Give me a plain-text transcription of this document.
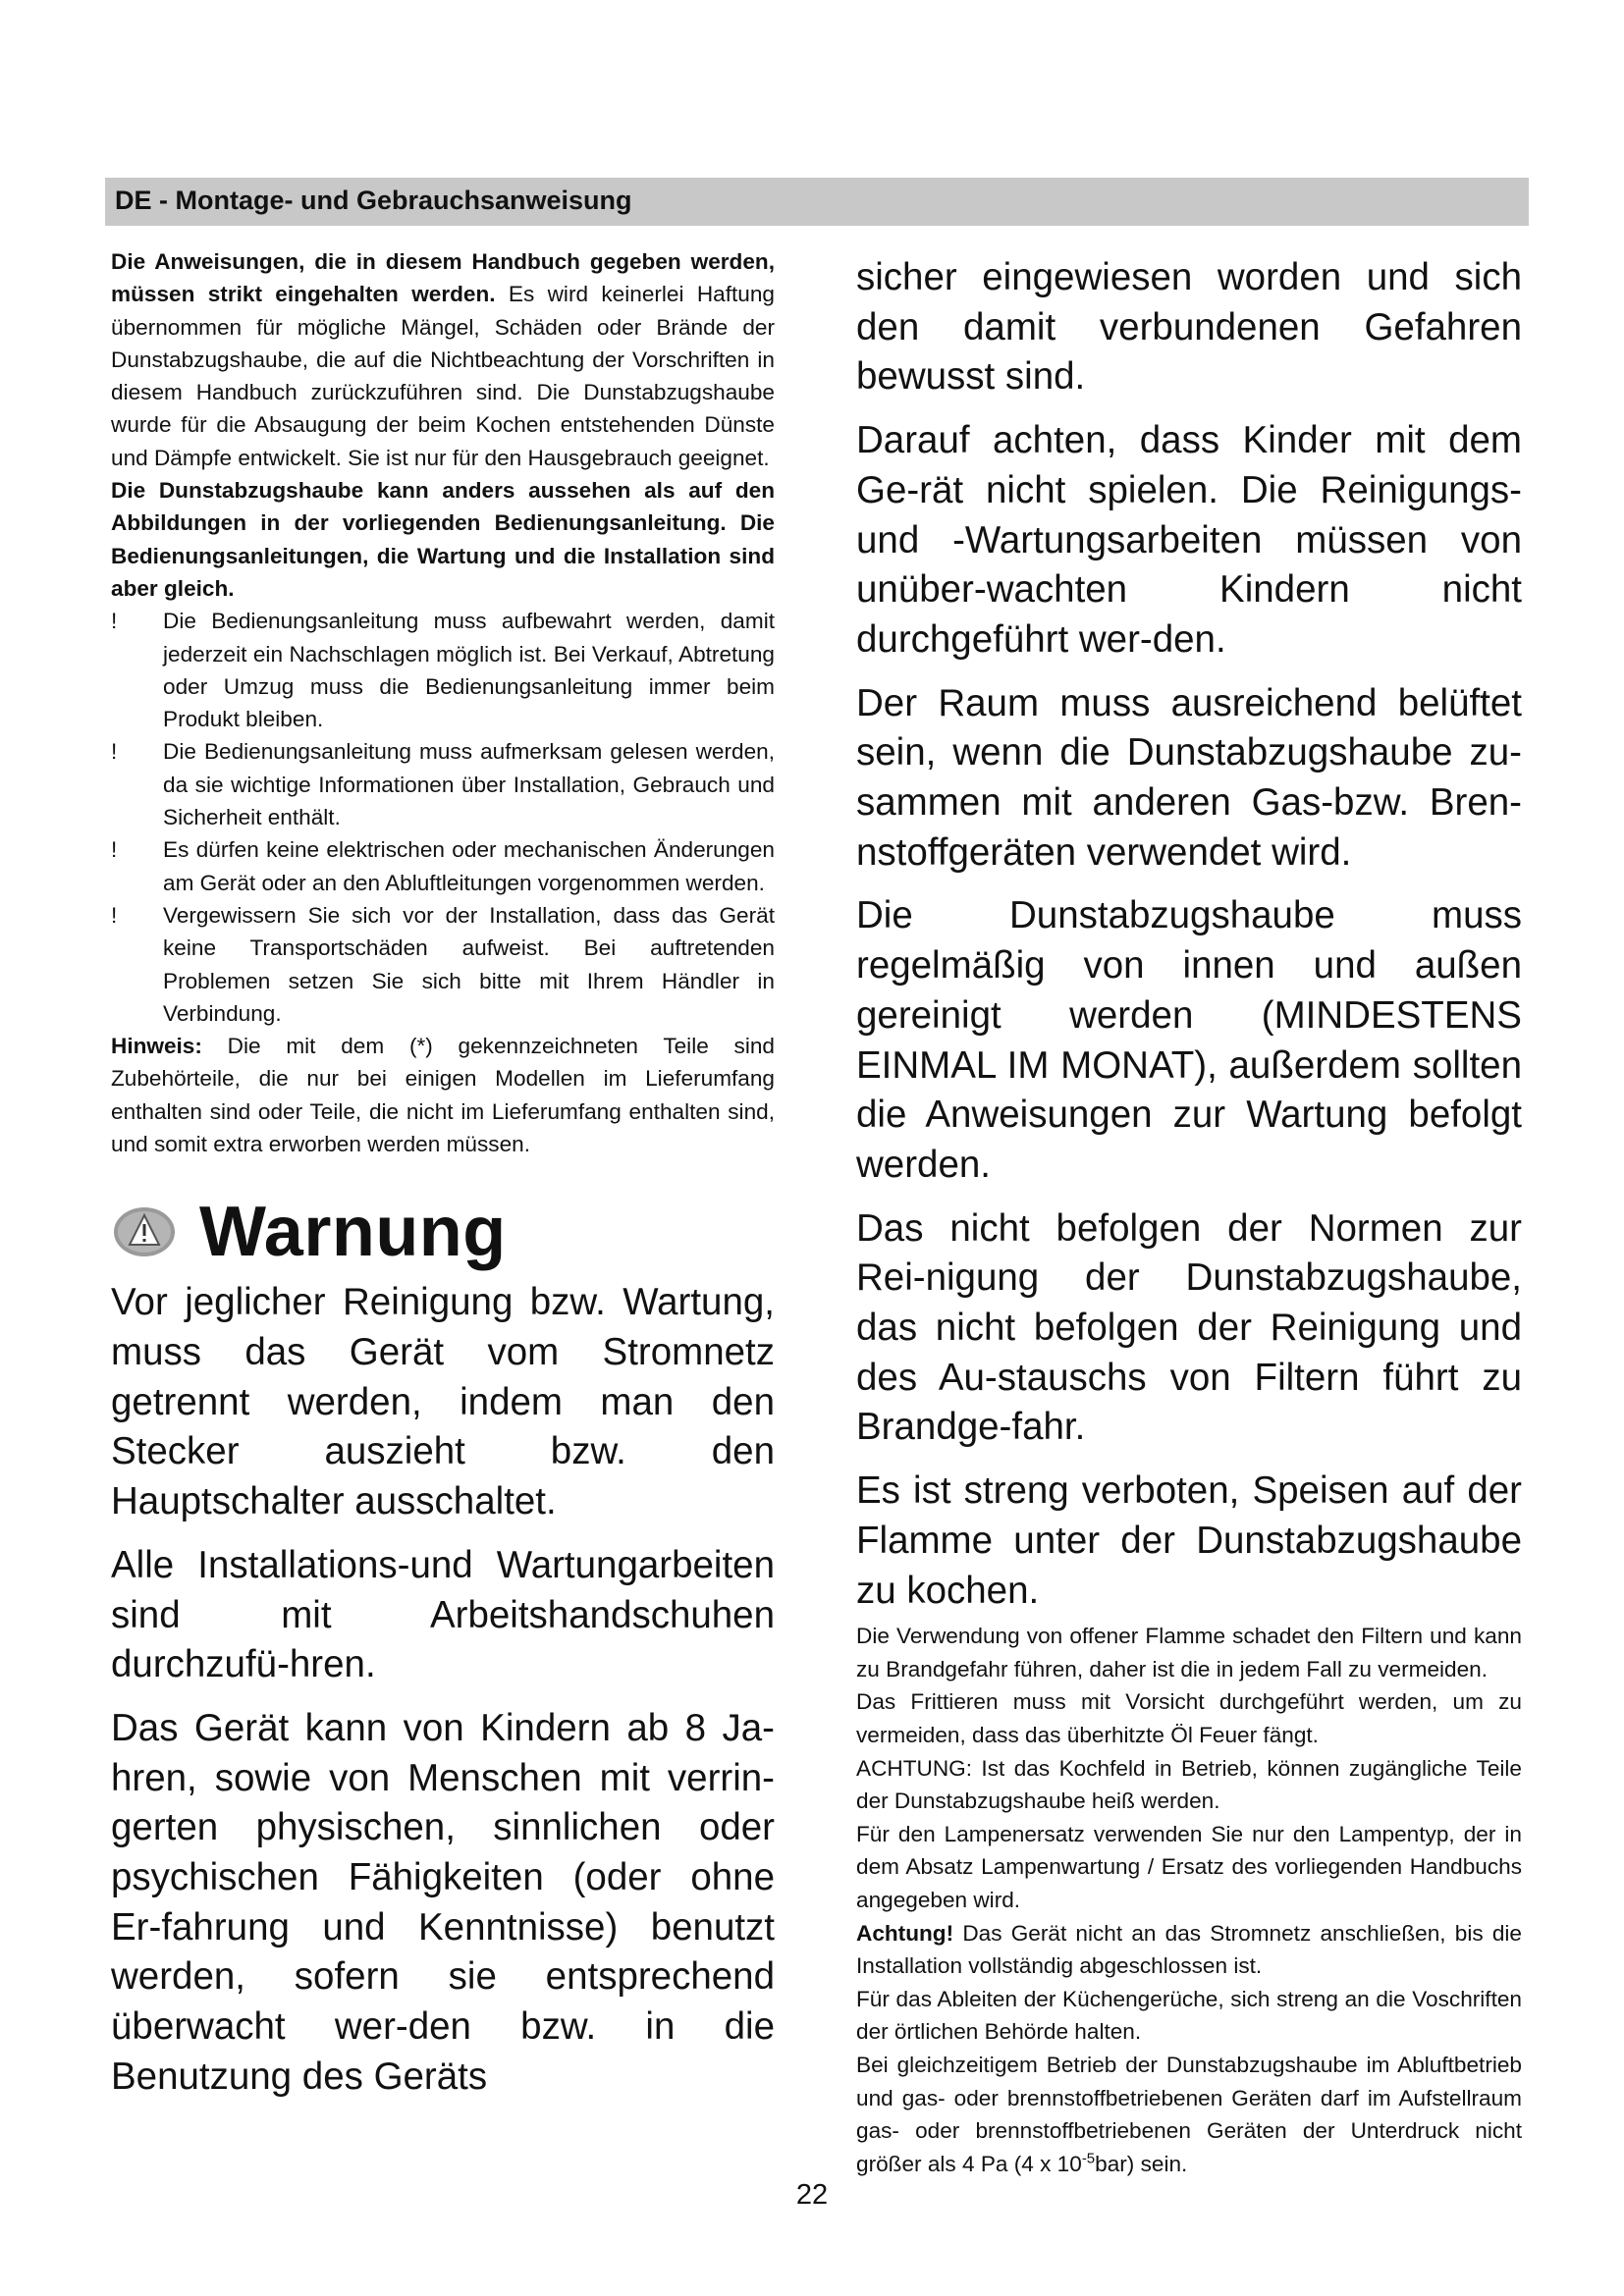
DE - Montage- und Gebrauchsanweisung

Die Anweisungen, die in diesem Handbuch gegeben werden, müssen strikt eingehalten werden. Es wird keinerlei Haftung übernommen für mögliche Mängel, Schäden oder Brände der Dunstabzugshaube, die auf die Nichtbeachtung der Vorschriften in diesem Handbuch zurückzuführen sind. Die Dunstabzugshaube wurde für die Absaugung der beim Kochen entstehenden Dünste und Dämpfe entwickelt. Sie ist nur für den Hausgebrauch geeignet.

Die Dunstabzugshaube kann anders aussehen als auf den Abbildungen in der vorliegenden Bedienungsanleitung. Die Bedienungsanleitungen, die Wartung und die Installation sind aber gleich.

! Die Bedienungsanleitung muss aufbewahrt werden, damit jederzeit ein Nachschlagen möglich ist. Bei Verkauf, Abtretung oder Umzug muss die Bedienungsanleitung immer beim Produkt bleiben.
! Die Bedienungsanleitung muss aufmerksam gelesen werden, da sie wichtige Informationen über Installation, Gebrauch und Sicherheit enthält.
! Es dürfen keine elektrischen oder mechanischen Änderungen am Gerät oder an den Abluftleitungen vorgenommen werden.
! Vergewissern Sie sich vor der Installation, dass das Gerät keine Transportschäden aufweist. Bei auftretenden Problemen setzen Sie sich bitte mit Ihrem Händler in Verbindung.

Hinweis: Die mit dem (*) gekennzeichneten Teile sind Zubehörteile, die nur bei einigen Modellen im Lieferumfang enthalten sind oder Teile, die nicht im Lieferumfang enthalten sind, und somit extra erworben werden müssen.

Warnung

Vor jeglicher Reinigung bzw. Wartung, muss das Gerät vom Stromnetz getrennt werden, indem man den Stecker auszieht bzw. den Hauptschalter ausschaltet.

Alle Installations-und Wartungarbeiten sind mit Arbeitshandschuhen durchzufü-hren.

Das Gerät kann von Kindern ab 8 Ja-hren, sowie von Menschen mit verrin-gerten physischen, sinnlichen oder psychischen Fähigkeiten (oder ohne Er-fahrung und Kenntnisse) benutzt werden, sofern sie entsprechend überwacht wer-den bzw. in die Benutzung des Geräts

sicher eingewiesen worden und sich den damit verbundenen Gefahren bewusst sind.

Darauf achten, dass Kinder mit dem Ge-rät nicht spielen. Die Reinigungs- und -Wartungsarbeiten müssen von unüber-wachten Kindern nicht durchgeführt wer-den.

Der Raum muss ausreichend belüftet sein, wenn die Dunstabzugshaube zu-sammen mit anderen Gas-bzw. Bren-nstoffgeräten verwendet wird.

Die Dunstabzugshaube muss regelmäßig von innen und außen gereinigt werden (MINDESTENS EINMAL IM MONAT), außerdem sollten die Anweisungen zur Wartung befolgt werden.

Das nicht befolgen der Normen zur Rei-nigung der Dunstabzugshaube, das nicht befolgen der Reinigung und des Au-stauschs von Filtern führt zu Brandge-fahr.

Es ist streng verboten, Speisen auf der Flamme unter der Dunstabzugshaube zu kochen.

Die Verwendung von offener Flamme schadet den Filtern und kann zu Brandgefahr führen, daher ist die in jedem Fall zu vermeiden.

Das Frittieren muss mit Vorsicht durchgeführt werden, um zu vermeiden, dass das überhitzte Öl Feuer fängt.

ACHTUNG: Ist das Kochfeld in Betrieb, können zugängliche Teile der Dunstabzugshaube heiß werden.

Für den Lampenersatz verwenden Sie nur den Lampentyp, der in dem Absatz Lampenwartung / Ersatz des vorliegenden Handbuchs angegeben wird.

Achtung! Das Gerät nicht an das Stromnetz anschließen, bis die Installation vollständig abgeschlossen ist.

Für das Ableiten der Küchengerüche, sich streng an die Voschriften der örtlichen Behörde halten.

Bei gleichzeitigem Betrieb der Dunstabzugshaube im Abluftbetrieb und gas- oder brennstoffbetriebenen Geräten darf im Aufstellraum gas- oder brennstoffbetriebenen Geräten der Unterdruck nicht größer als 4 Pa (4 x $10^{-5}bar$) sein.

22
